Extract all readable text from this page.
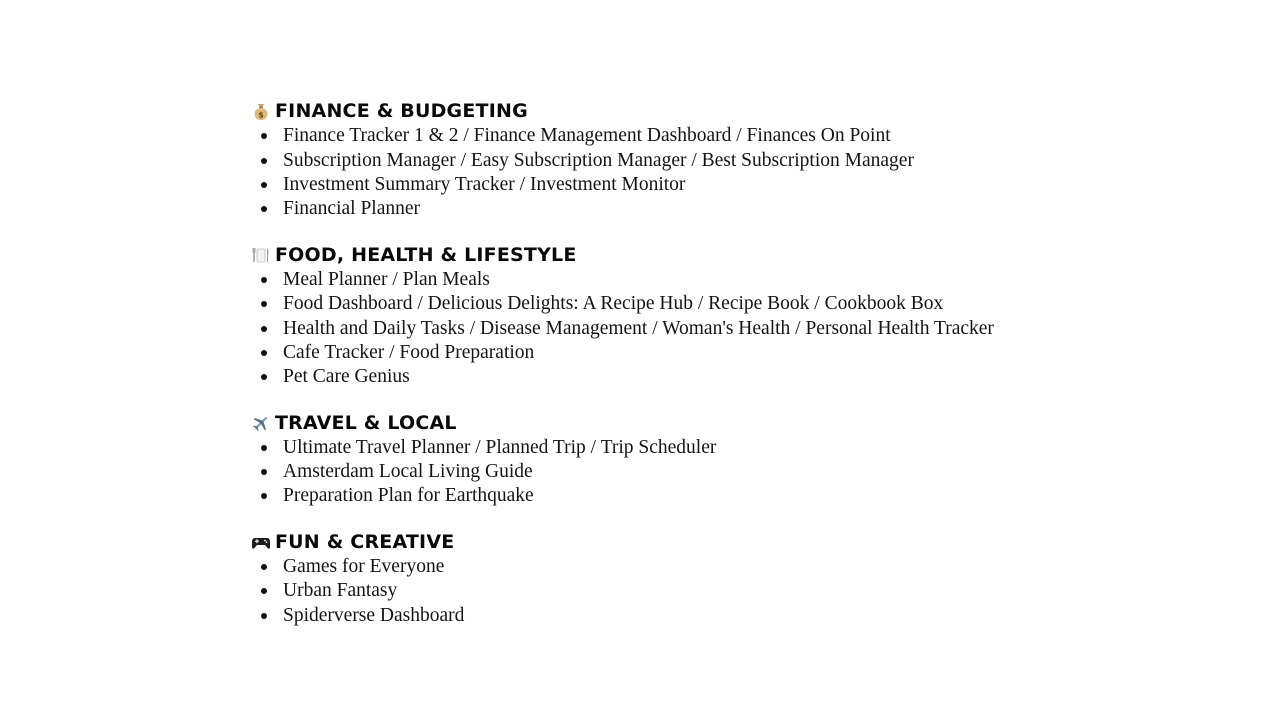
$ FINANCE & BUDGETING
Finance Tracker 1 & 2 / Finance Management Dashboard / Finances On Point
Subscription Manager / Easy Subscription Manager / Best Subscription Manager
Investment Summary Tracker / Investment Monitor
Financial Planner
FOOD, HEALTH & LIFESTYLE
Meal Planner / Plan Meals
Food Dashboard / Delicious Delights: A Recipe Hub / Recipe Book / Cookbook Box
Health and Daily Tasks / Disease Management / Woman's Health / Personal Health Tracker
Cafe Tracker / Food Preparation
Pet Care Genius
TRAVEL & LOCAL
Ultimate Travel Planner / Planned Trip / Trip Scheduler
Amsterdam Local Living Guide
Preparation Plan for Earthquake
FUN & CREATIVE
Games for Everyone
Urban Fantasy
Spiderverse Dashboard
